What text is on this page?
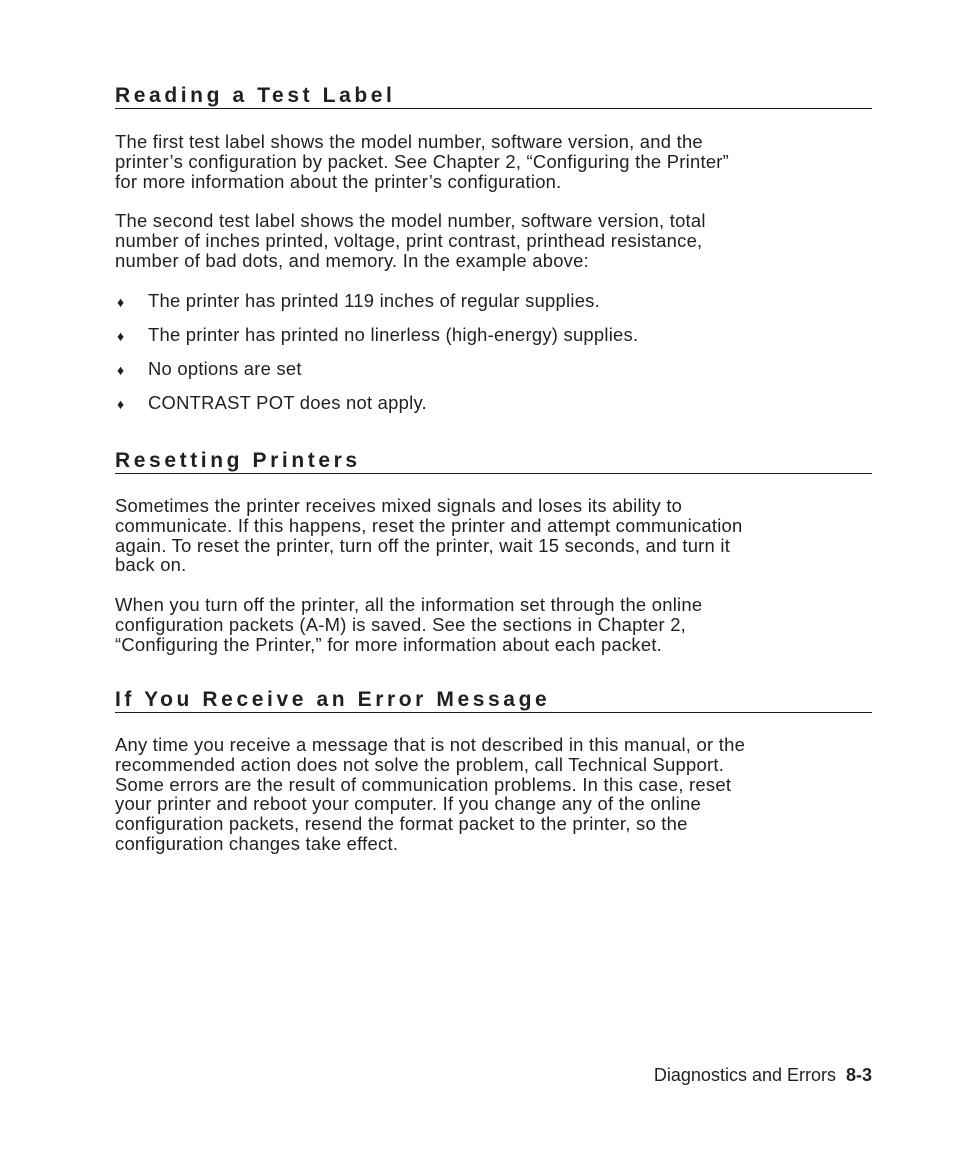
Reading a Test Label

The first test label shows the model number, software version, and the
printer’s configuration by packet. See Chapter 2, “Configuring the Printer”
for more information about the printer’s configuration.

The second test label shows the model number, software version, total
number of inches printed, voltage, print contrast, printhead resistance,
number of bad dots, and memory. In the example above:

♦ The printer has printed 119 inches of regular supplies.
♦ The printer has printed no linerless (high-energy) supplies.
♦ No options are set
♦ CONTRAST POT does not apply.
Resetting Printers

Sometimes the printer receives mixed signals and loses its ability to
communicate. If this happens, reset the printer and attempt communication
again. To reset the printer, turn off the printer, wait 15 seconds, and turn it
back on.

When you turn off the printer, all the information set through the online
configuration packets (A-M) is saved. See the sections in Chapter 2,
“Configuring the Printer,” for more information about each packet.

If You Receive an Error Message

Any time you receive a message that is not described in this manual, or the
recommended action does not solve the problem, call Technical Support.
Some errors are the result of communication problems. In this case, reset
your printer and reboot your computer. If you change any of the online
configuration packets, resend the format packet to the printer, so the
configuration changes take effect.

Diagnostics and Errors 8-3
